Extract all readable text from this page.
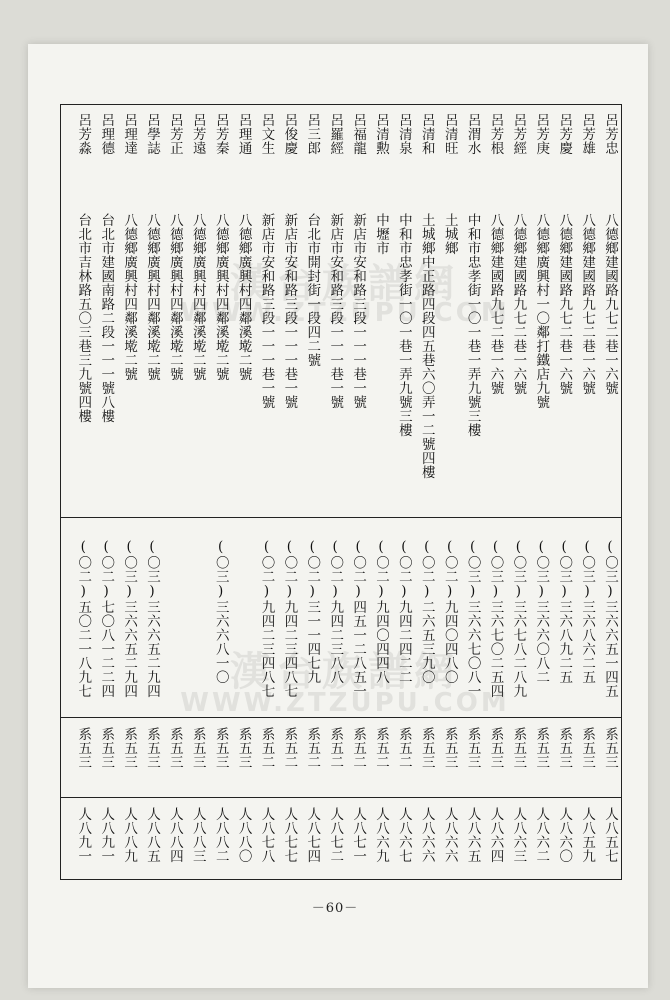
漢台族譜網
WWW.ZTZUPU.COM
漢台族譜網
WWW.ZTZUPU.COM
呂芳忠
八德鄉建國路九七二巷一六號
(〇三)三六六五一四五
系五三
人八五七
呂芳雄
八德鄉建國路九七二巷一六號
(〇三)三六八六二五
系五三
人八五九
呂芳慶
八德鄉建國路九七二巷一六號
(〇三)三六八九二五
系五三
人八六〇
呂芳庚
八德鄉廣興村一〇鄰打鐵店九號
(〇三)三六六〇八二
系五三
人八六二
呂芳經
八德鄉建國路九七二巷一六號
(〇三)三六七八二八九
系五三
人八六三
呂芳根
八德鄉建國路九七二巷一六號
(〇三)三六七〇二五四
系五三
人八六四
呂渭水
中和市忠孝街一〇一巷一弄九號三樓
(〇三)三六六七〇八一
系五三
人八六五
呂清旺
土城鄉
(〇二)九四〇四八〇
系五三
人八六六
呂清和
土城鄉中正路四段四五巷六〇弄一二號四樓
(〇二)二六五三九〇
系五三
人八六六
呂清泉
中和市忠孝街一〇一巷一弄九號三樓
(〇二)九四二四二二
系五二
人八六七
呂清勲
中壢市
(〇二)九四〇四四八
系五二
人八六九
呂福龍
新店市安和路三段一一一巷一號
(〇二)四五一二八五一
系五二
人八七一
呂羅經
新店市安和路三段一一一巷一號
(〇二)九四二三八八
系五二
人八七二
呂三郎
台北市開封街一段四二號
(〇二)三一一四七九
系五二
人八七四
呂俊慶
新店市安和路三段一一一巷一號
(〇二)九四二三四八七
系五二
人八七七
呂文生
新店市安和路三段一一一巷一號
(〇二)九四二三四八七
系五二
人八七八
呂理通
八德鄉廣興村四鄰溪墘二號
系五三
人八八〇
呂芳秦
八德鄉廣興村四鄰溪墘二號
(〇三)三六六八一〇
系五三
人八八二
呂芳遠
八德鄉廣興村四鄰溪墘二號
系五三
人八八三
呂芳正
八德鄉廣興村四鄰溪墘二號
系五三
人八八四
呂學誌
八德鄉廣興村四鄰溪墘二號
(〇三)三六六五二九四
系五三
人八八五
呂理達
八德鄉廣興村四鄰溪墘二號
(〇三)三六六五二九四
系五三
人八八九
呂理德
台北市建國南路二段一一一號八樓
(〇二)七〇八一二二四
系五三
人八九一
呂芳淼
台北市吉林路五〇三巷三九號四樓
(〇二)五〇二一八九七
系五三
人八九一
－60－
